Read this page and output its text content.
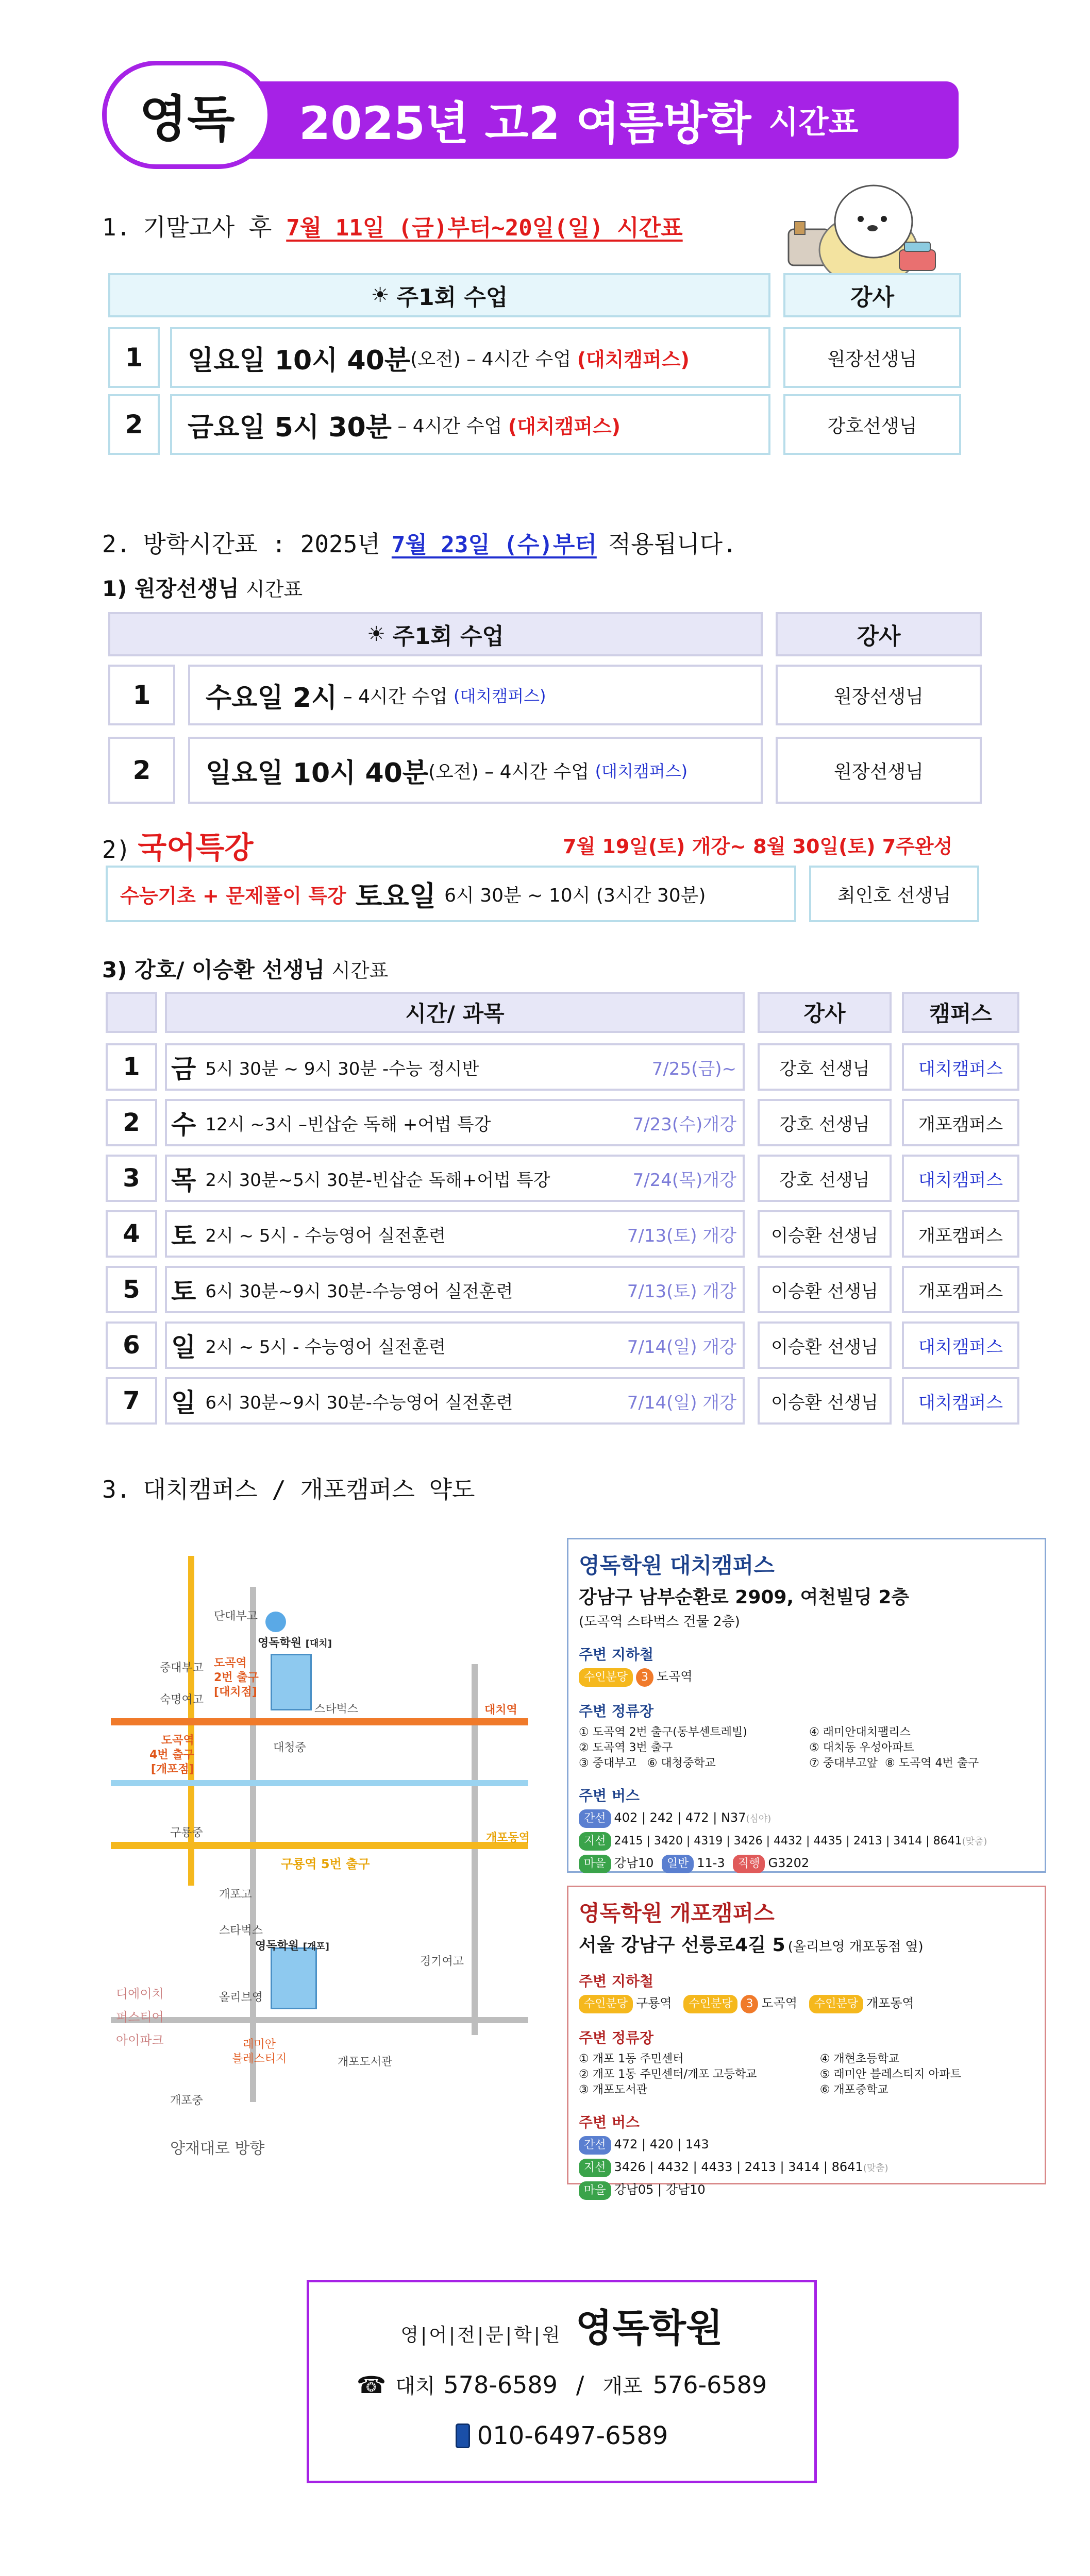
영독 2025년 고2 여름방학 시간표
1. 기말고사 후 7월 11일 (금)부터~20일(일) 시간표
☀ 주1회 수업	강사
1 일요일 10시 40분 (오전) – 4시간 수업 (대치캠퍼스)	원장선생님
2 금요일 5시 30분 – 4시간 수업 (대치캠퍼스)	강호선생님
2. 방학시간표 : 2025년 7월 23일 (수)부터 적용됩니다.
1) 원장선생님 시간표
☀ 주1회 수업	강사
1 수요일 2시 – 4시간 수업 (대치캠퍼스)	원장선생님
2 일요일 10시 40분 (오전) – 4시간 수업 (대치캠퍼스)	원장선생님
2) 국어특강	7월 19일(토) 개강~ 8월 30일(토) 7주완성
수능기초 + 문제풀이 특강 토요일 6시 30분 ~ 10시 (3시간 30분)	최인호 선생님
3) 강호/ 이승환 선생님 시간표
시간/ 과목	강사	캠퍼스
1 금 5시 30분 ~ 9시 30분 -수능 정시반	7/25(금)~ 강호 선생님	대치캠퍼스
2 수 12시 ~3시 –빈삽순 독해 +어법 특강	7/23(수)개강 강호 선생님	개포캠퍼스
3 목 2시 30분~5시 30분-빈삽순 독해+어법 특강	7/24(목)개강 강호 선생님	대치캠퍼스
4 토 2시 ~ 5시 - 수능영어 실전훈련	7/13(토) 개강 이승환 선생님 개포캠퍼스
5 토 6시 30분~9시 30분-수능영어 실전훈련	7/13(토) 개강 이승환 선생님 개포캠퍼스
6 일 2시 ~ 5시 - 수능영어 실전훈련	7/14(일) 개강 이승환 선생님 대치캠퍼스
7 일 6시 30분~9시 30분-수능영어 실전훈련	7/14(일) 개강 이승환 선생님 대치캠퍼스
3. 대치캠퍼스 / 개포캠퍼스 약도
단대부고
중대부고
숙명여고
도곡역
2번 출구
[대치점]
도곡역
4번 출구
[개포점]
영독학원 [대치]
스타벅스	대치역
대청중
구룡중
구룡역 5번 출구
개포동역
개포고
스타벅스
영독학원 [개포]
경기여고
올리브영
래미안
블레스티지	개포도서관
개포중
디에이치
퍼스티어
아이파크
양재대로 방향
영독학원 대치캠퍼스
강남구 남부순환로 2909, 여천빌딩 2층
(도곡역 스타벅스 건물 2층)
주변 지하철
수인분당 3 도곡역
주변 정류장
① 도곡역 2번 출구(동부센트레빌)	④ 래미안대치팰리스
② 도곡역 3번 출구	⑤ 대치동 우성아파트
③ 중대부고 ⑥ 대청중학교	⑦ 중대부고앞 ⑧ 도곡역 4번 출구
주변 버스
간선 402 | 242 | 472 | N37(심야)
지선 2415 | 3420 | 4319 | 3426 | 4432 | 4435 | 2413 | 3414 | 8641(맞춤)
마을 강남10 일반 11-3 직행 G3202
영독학원 개포캠퍼스
서울 강남구 선릉로4길 5 (올리브영 개포동점 옆)
주변 지하철
수인분당 구룡역 수인분당 3 도곡역 수인분당 개포동역
주변 정류장
① 개포 1동 주민센터	④ 개현초등학교
② 개포 1동 주민센터/개포 고등학교	⑤ 래미안 블레스티지 아파트
③ 개포도서관	⑥ 개포중학교
주변 버스
간선 472 | 420 | 143
지선 3426 | 4432 | 4433 | 2413 | 3414 | 8641(맞춤)
마을 강남05 | 강남10
영|어|전|문|학|원 영독학원
☎ 대치 578-6589 / 개포 576-6589
010-6497-6589
